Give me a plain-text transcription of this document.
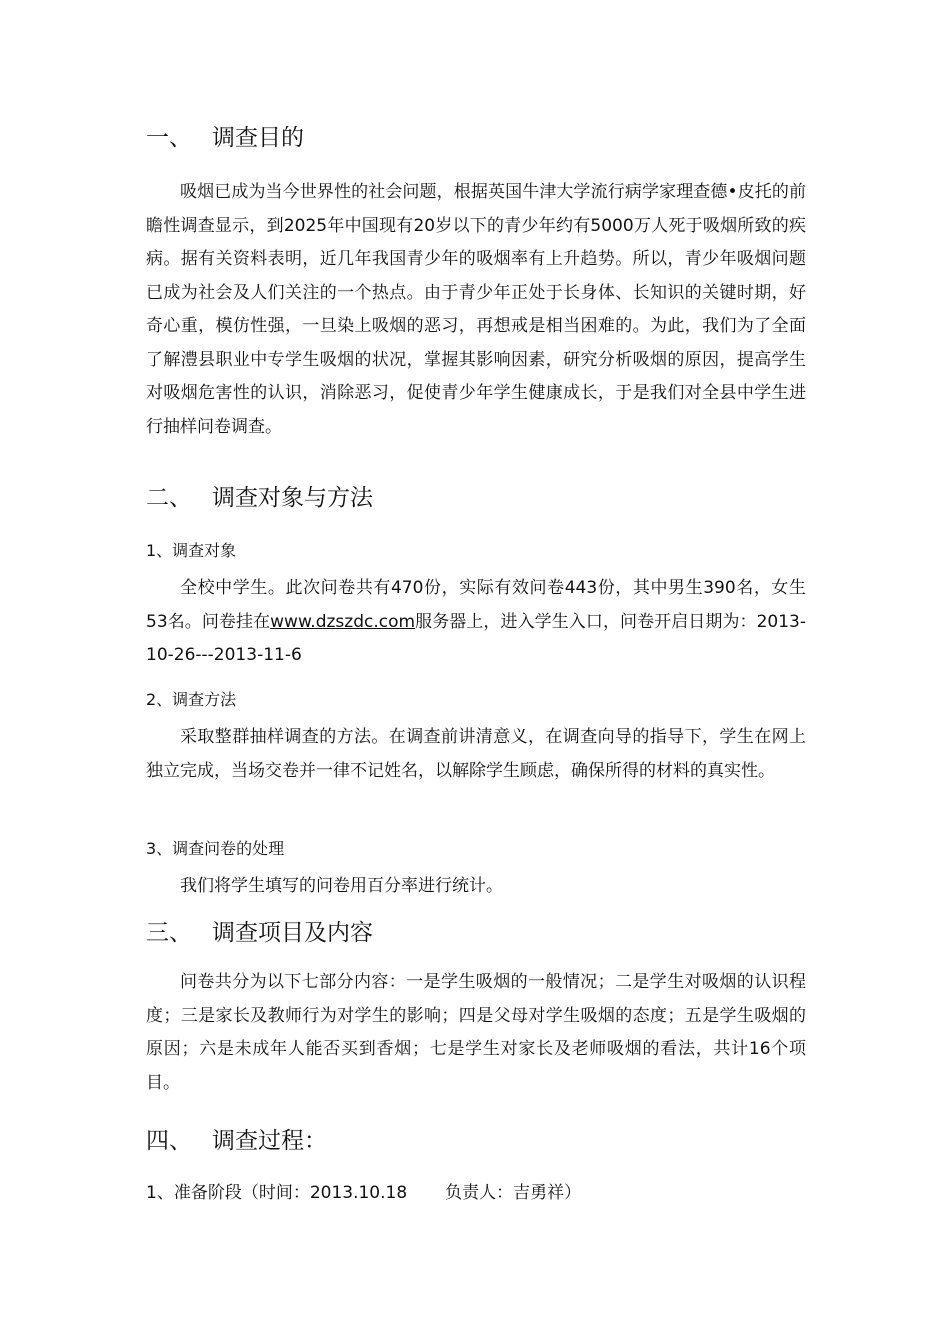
一、 调查目的

吸烟已成为当今世界性的社会问题，根据英国牛津大学流行病学家理查德•皮托的前瞻性调查显示，到2025年中国现有20岁以下的青少年约有5000万人死于吸烟所致的疾病。据有关资料表明，近几年我国青少年的吸烟率有上升趋势。所以，青少年吸烟问题已成为社会及人们关注的一个热点。由于青少年正处于长身体、长知识的关键时期，好奇心重，模仿性强，一旦染上吸烟的恶习，再想戒是相当困难的。为此，我们为了全面了解澧县职业中专学生吸烟的状况，掌握其影响因素，研究分析吸烟的原因，提高学生对吸烟危害性的认识，消除恶习，促使青少年学生健康成长，于是我们对全县中学生进行抽样问卷调查。

二、 调查对象与方法
1、调查对象

全校中学生。此次问卷共有470份，实际有效问卷443份，其中男生390名，女生53名。问卷挂在www.dzszdc.com服务器上，进入学生入口，问卷开启日期为：2013-10-26---2013-11-6

2、调查方法

采取整群抽样调查的方法。在调查前讲清意义，在调查向导的指导下，学生在网上独立完成，当场交卷并一律不记姓名，以解除学生顾虑，确保所得的材料的真实性。

3、调查问卷的处理

我们将学生填写的问卷用百分率进行统计。

三、 调查项目及内容

问卷共分为以下七部分内容：一是学生吸烟的一般情况；二是学生对吸烟的认识程度；三是家长及教师行为对学生的影响；四是父母对学生吸烟的态度；五是学生吸烟的原因；六是未成年人能否买到香烟；七是学生对家长及老师吸烟的看法，共计16个项目。

四、 调查过程：
1、准备阶段（时间：2013.10.18 负责人：吉勇祥）
